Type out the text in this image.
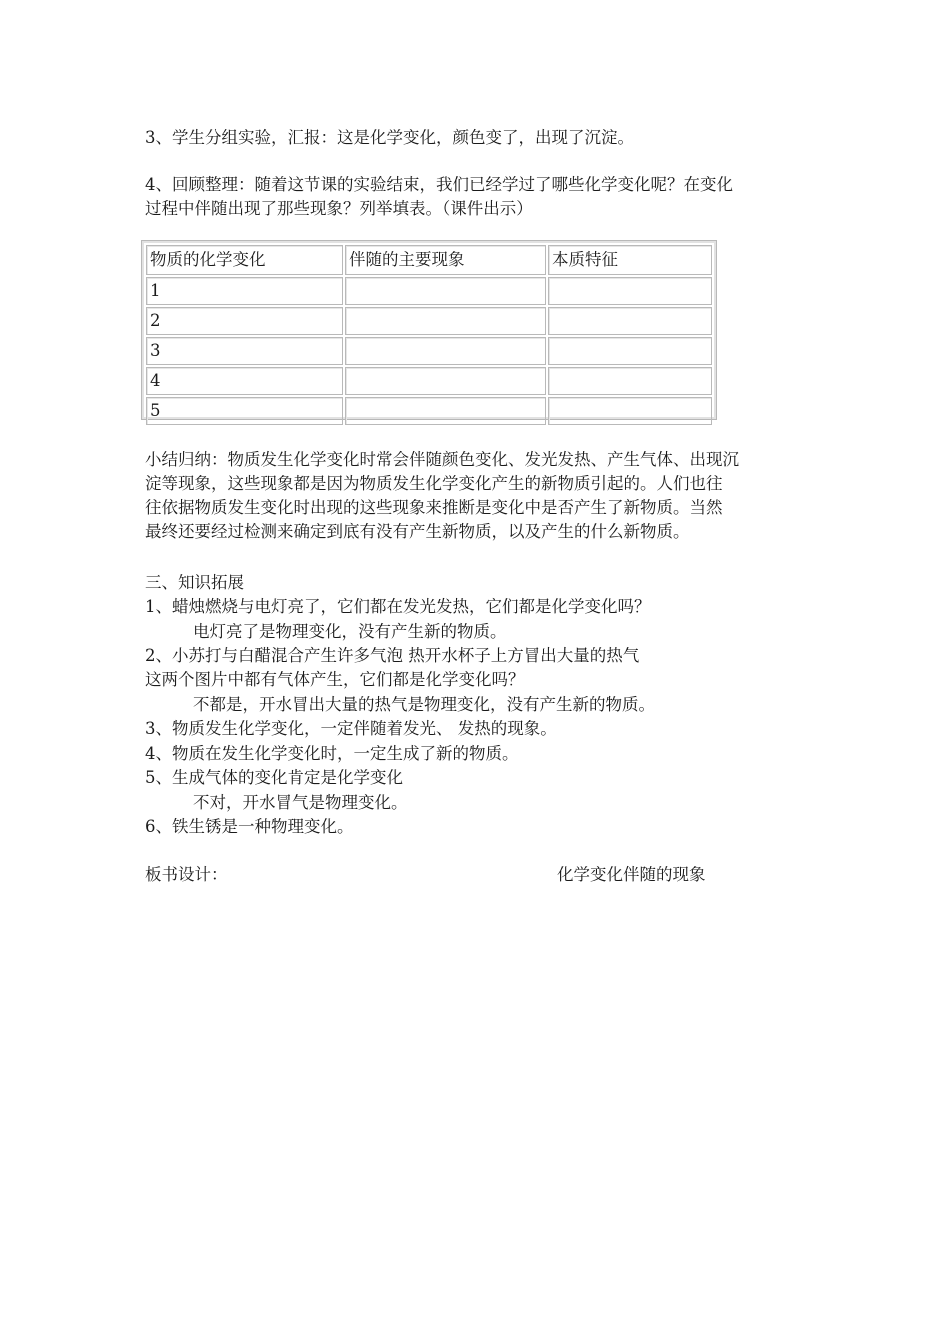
3、学生分组实验，汇报：这是化学变化，颜色变了，出现了沉淀。
4、回顾整理：随着这节课的实验结束，我们已经学过了哪些化学变化呢？在变化
过程中伴随出现了那些现象？列举填表。（课件出示）
物质的化学变化	伴随的主要现象	本质特征
1		
2		
3		
4		
5		
小结归纳：物质发生化学变化时常会伴随颜色变化、发光发热、产生气体、出现沉
淀等现象，这些现象都是因为物质发生化学变化产生的新物质引起的。人们也往
往依据物质发生变化时出现的这些现象来推断是变化中是否产生了新物质。当然
最终还要经过检测来确定到底有没有产生新物质，以及产生的什么新物质。
三、知识拓展
1、蜡烛燃烧与电灯亮了，它们都在发光发热，它们都是化学变化吗？
电灯亮了是物理变化，没有产生新的物质。
2、小苏打与白醋混合产生许多气泡 热开水杯子上方冒出大量的热气
这两个图片中都有气体产生，它们都是化学变化吗？
不都是，开水冒出大量的热气是物理变化，没有产生新的物质。
3、物质发生化学变化，一定伴随着发光、 发热的现象。
4、物质在发生化学变化时，一定生成了新的物质。
5、生成气体的变化肯定是化学变化
不对，开水冒气是物理变化。
6、铁生锈是一种物理变化。
板书设计：	化学变化伴随的现象
